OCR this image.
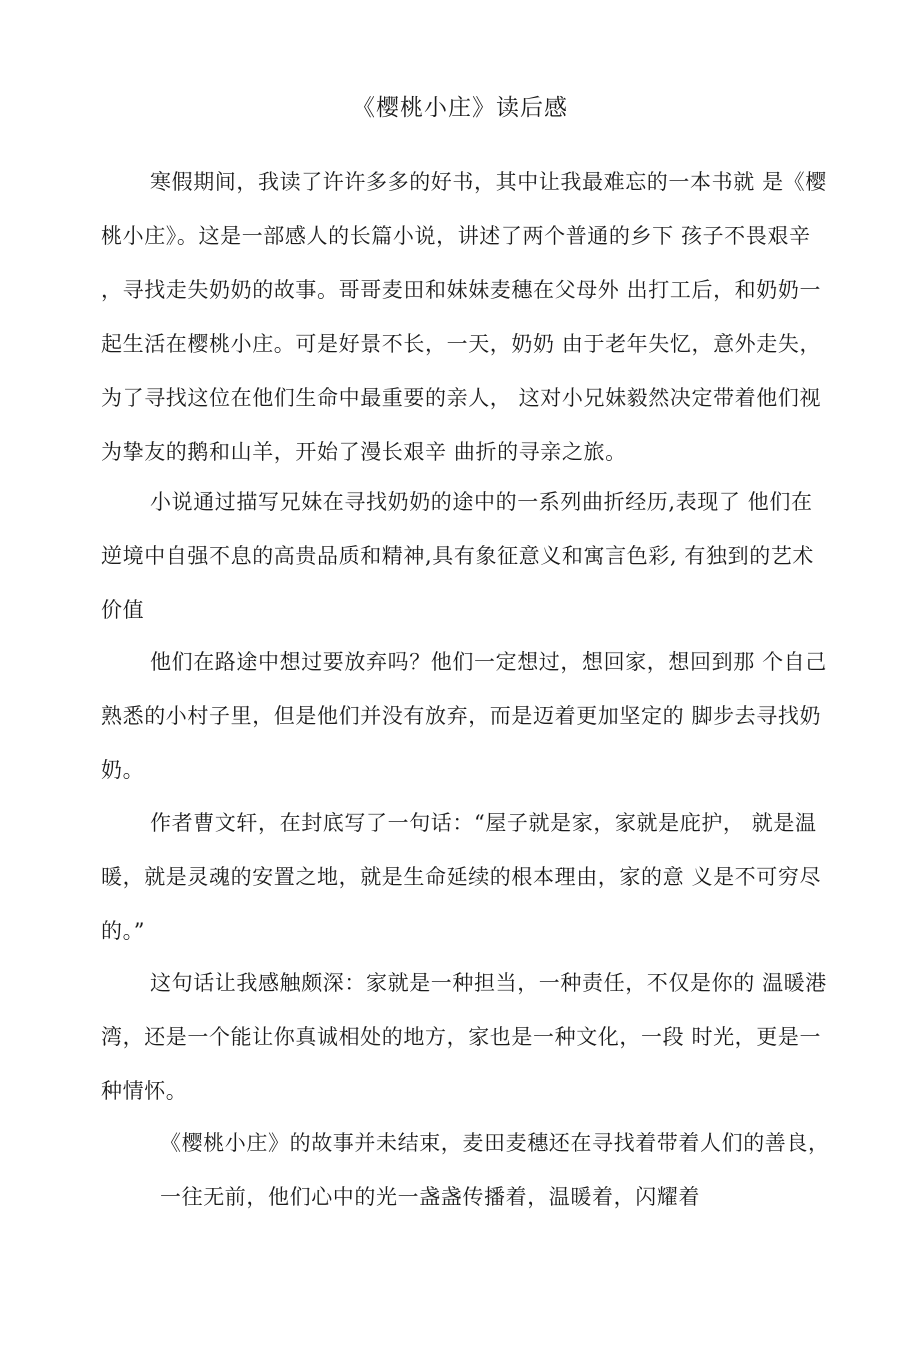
《樱桃小庄》读后感
寒假期间，我读了许许多多的好书，其中让我最难忘的一本书就 是《樱
桃小庄》。这是一部感人的长篇小说，讲述了两个普通的乡下 孩子不畏艰辛
，寻找走失奶奶的故事。哥哥麦田和妹妹麦穗在父母外 出打工后，和奶奶一
起生活在樱桃小庄。可是好景不长，一天，奶奶 由于老年失忆，意外走失，
为了寻找这位在他们生命中最重要的亲人， 这对小兄妹毅然决定带着他们视
为挚友的鹅和山羊，开始了漫长艰辛 曲折的寻亲之旅。
小说通过描写兄妹在寻找奶奶的途中的一系列曲折经历,表现了 他们在
逆境中自强不息的高贵品质和精神,具有象征意义和寓言色彩, 有独到的艺术
价值
他们在路途中想过要放弃吗？他们一定想过，想回家，想回到那 个自己
熟悉的小村子里，但是他们并没有放弃，而是迈着更加坚定的 脚步去寻找奶
奶。
作者曹文轩，在封底写了一句话：“屋子就是家，家就是庇护， 就是温
暖，就是灵魂的安置之地，就是生命延续的根本理由，家的意 义是不可穷尽
的。”
这句话让我感触颇深：家就是一种担当，一种责任，不仅是你的 温暖港
湾，还是一个能让你真诚相处的地方，家也是一种文化，一段 时光，更是一
种情怀。
《樱桃小庄》的故事并未结束，麦田麦穗还在寻找着带着人们的善良，
一往无前，他们心中的光一盏盏传播着，温暖着，闪耀着
